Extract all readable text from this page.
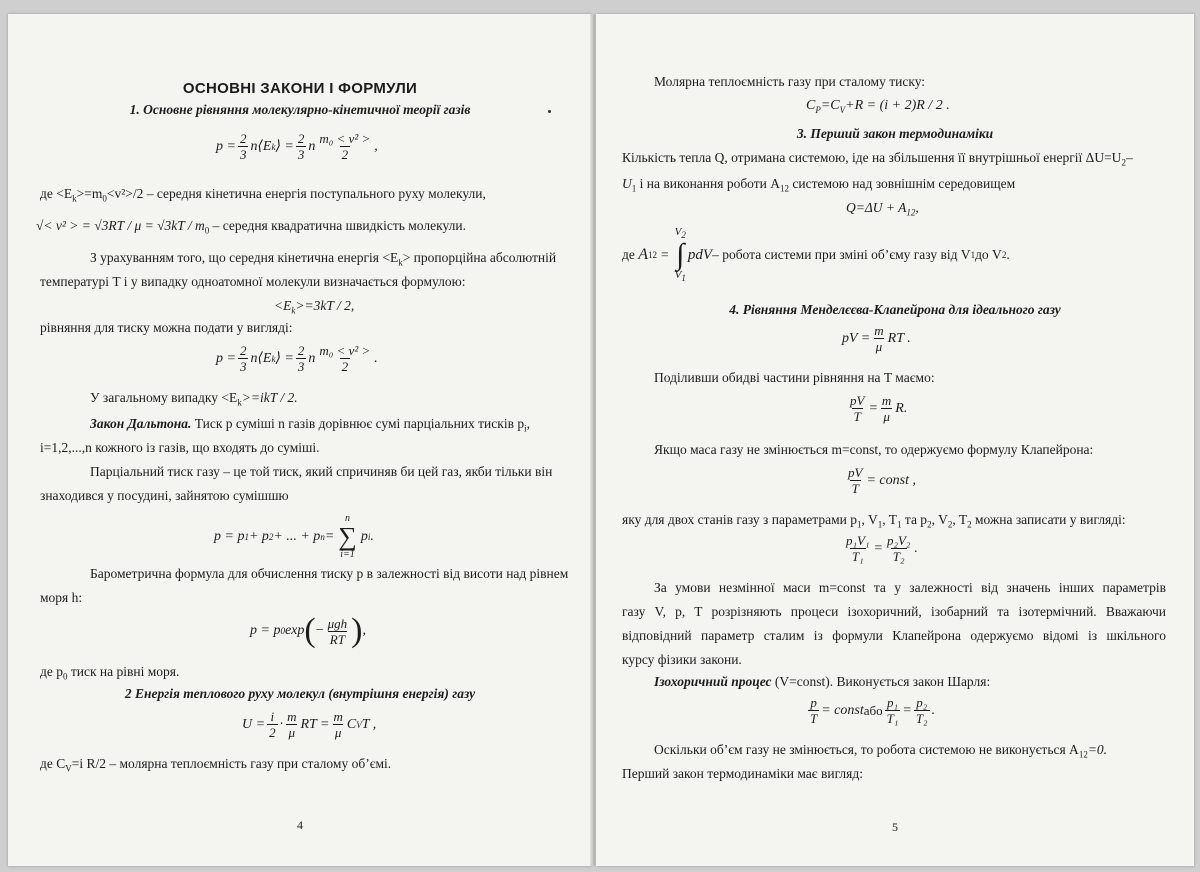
ОСНОВНІ ЗАКОНИ І ФОРМУЛИ
1. Основне рівняння молекулярно-кінетичної теорії газів
$p = \frac{2}{3}$ n⟨E k ⟩ = $\frac{2}{3}$ n $\frac{\text{m₀ < v² >}}{2}$ ,
де $<E_k>=m_0<v^2>/2$ – середня кінетична енергія поступального руху молекули,
√< v² > = $√3RT / \mu = √3kT / m_0$ – середня квадратична швидкість молекули.
З урахуванням того, що середня кінетична енергія $<E_k>$ пропорційна абсолютній
температурі T і у випадку одноатомної молекули визначається формулою:
$<E_k>=3kT / 2$,
рівняння для тиску можна подати у вигляді:
$p = \frac{2}{3}$ n⟨E k ⟩ = $\frac{2}{3}$ n $\frac{\text{m₀ < v² >}}{2}$ .
У загальному випадку $<E_k>=ikT / 2$.
Закон Дальтона. Тиск p суміші n газів дорівнює сумі парціальних тисків $p_i$,
i=1,2,...,n кожного із газів, що входять до суміші.
Парціальний тиск газу – це той тиск, який спричиняв би цей газ, якби тільки він
знаходився у посудині, зайнятою сумішшю
p = p 1 + p 2 + ... + p n =
n
∑
i=1
p i .
Барометрична формула для обчислення тиску p в залежності від висоти над рівнем
моря h:
p = p 0 exp ( − $\frac{\text{μgh}}{RT}$ ) ,
де $p_0$ тиск на рівні моря.
2 Енергія теплового руху молекул (внутрішня енергія) газу
$U = \frac{i}{2} \cdot \frac{m}{\mu}$ RT = $\frac{m}{\mu}$ C V T ,
де $C_V=i$ R/2 – молярна теплоємність газу при сталому об’ємі.
4
Молярна теплоємність газу при сталому тиску:
$C_P=C_V+R = (i + 2)R / 2$ .
3. Перший закон термодинаміки
Кількість тепла Q, отримана системою, іде на збільшення її внутрішньої енергії $\Delta U=U_2-$
$U_1$ і на виконання роботи $A_{12}$ системою над зовнішнім середовищем
$Q=\Delta U + A_{12}$,
де
A 12 =
$V_2$
∫
$V_1$
pdV – робота системи при зміні об’єму газу від V 1 до V 2 .
4. Рівняння Менделєєва-Клапейрона для ідеального газу
pV = $\frac{m}{\mu}$ RT .
Поділивши обидві частини рівняння на T маємо:
$\frac{pV}{T} = \frac{m}{\mu} R$.
Якщо маса газу не змінюється m=const, то одержуємо формулу Клапейрона:
$\frac{pV}{T}$ = const ,
яку для двох станів газу з параметрами $p_1$, $V_1$, $T_1$ та $p_2$, $V_2$, $T_2$ можна записати у вигляді:
$\frac{\text{p₁V₁}}{\text{T₁}} = \frac{\text{p₂V₂}}{\text{T₂}}$ .
За умови незмінної маси m=const та у залежності від значень інших параметрів
газу V, p, T розрізняють процеси ізохоричний, ізобарний та ізотермічний. Вважаючи
відповідний параметр сталим із формули Клапейрона одержуємо відомі із шкільного
курсу фізики закони.
Ізохоричний процес (V=const). Виконується закон Шарля:
$\frac{p}{T}$ = const або $\frac{\text{p₁}}{\text{T₁}} = \frac{\text{p₂}}{\text{T₂}}$ .
Оскільки об’єм газу не змінюється, то робота системою не виконується $A_{12}=0$.
Перший закон термодинаміки має вигляд:
5
